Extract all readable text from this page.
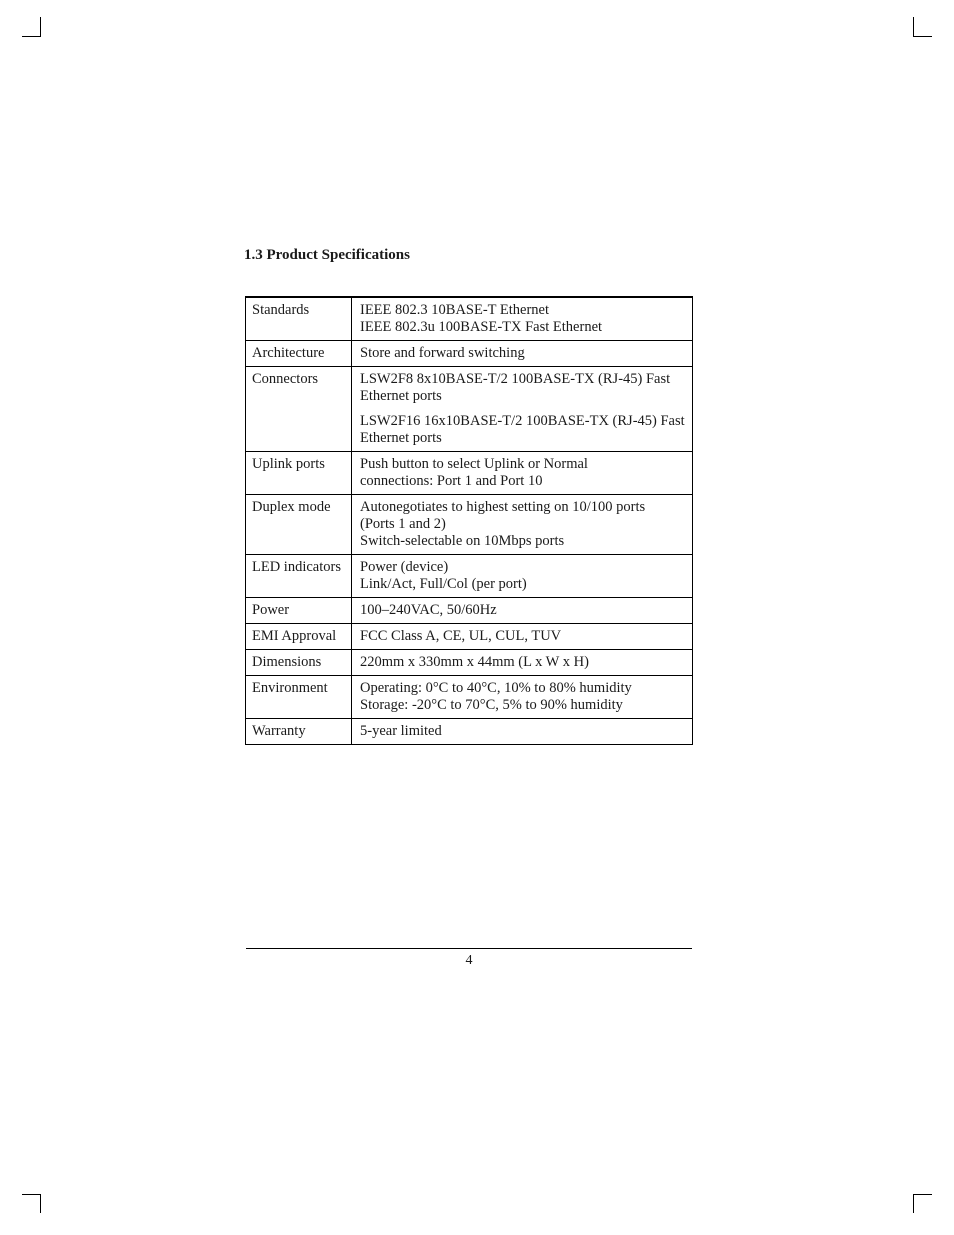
1.3 Product Specifications
Standards	IEEE 802.3 10BASE-T Ethernet
IEEE 802.3u 100BASE-TX Fast Ethernet

Architecture	Store and forward switching

Connectors	LSW2F8 8x10BASE-T/2 100BASE-TX (RJ-45) Fast
Ethernet ports
LSW2F16 16x10BASE-T/2 100BASE-TX (RJ-45) Fast
Ethernet ports

Uplink ports	Push button to select Uplink or Normal
connections: Port 1 and Port 10

Duplex mode	Autonegotiates to highest setting on 10/100 ports
(Ports 1 and 2)
Switch-selectable on 10Mbps ports

LED indicators	Power (device)
Link/Act, Full/Col (per port)

Power	100–240VAC, 50/60Hz

EMI Approval	FCC Class A, CE, UL, CUL, TUV

Dimensions	220mm x 330mm x 44mm (L x W x H)

Environment	Operating: 0°C to 40°C, 10% to 80% humidity
Storage: -20°C to 70°C, 5% to 90% humidity

Warranty	5-year limited
4
